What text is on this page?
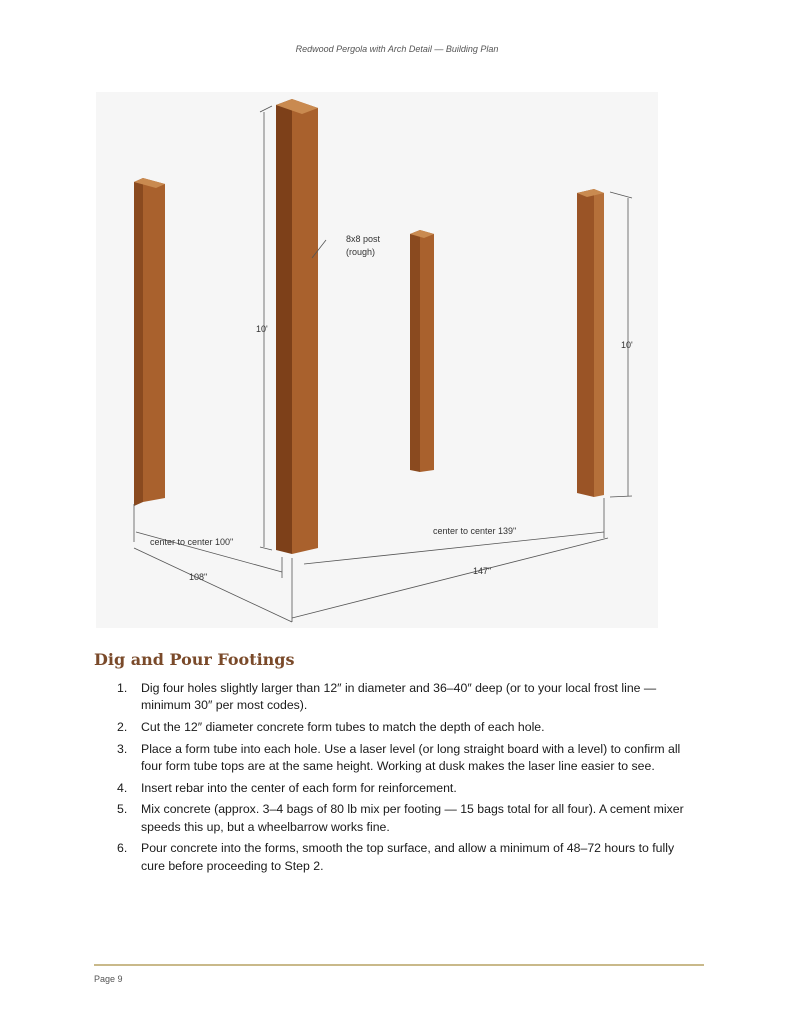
Redwood Pergola with Arch Detail — Building Plan
8x8 post
(rough)
10'
10'
center to center 100"
108"
center to center 139"
147"
Dig and Pour Footings
1.	Dig four holes slightly larger than 12″ in diameter and 36–40″ deep (or to your local frost line — minimum 30″ per most codes).
2.	Cut the 12″ diameter concrete form tubes to match the depth of each hole.
3.	Place a form tube into each hole. Use a laser level (or long straight board with a level) to confirm all four form tube tops are at the same height. Working at dusk makes the laser line easier to see.
4.	Insert rebar into the center of each form for reinforcement.
5.	Mix concrete (approx. 3–4 bags of 80 lb mix per footing — 15 bags total for all four). A cement mixer speeds this up, but a wheelbarrow works fine.
6.	Pour concrete into the forms, smooth the top surface, and allow a minimum of 48–72 hours to fully cure before proceeding to Step 2.
Page 9
